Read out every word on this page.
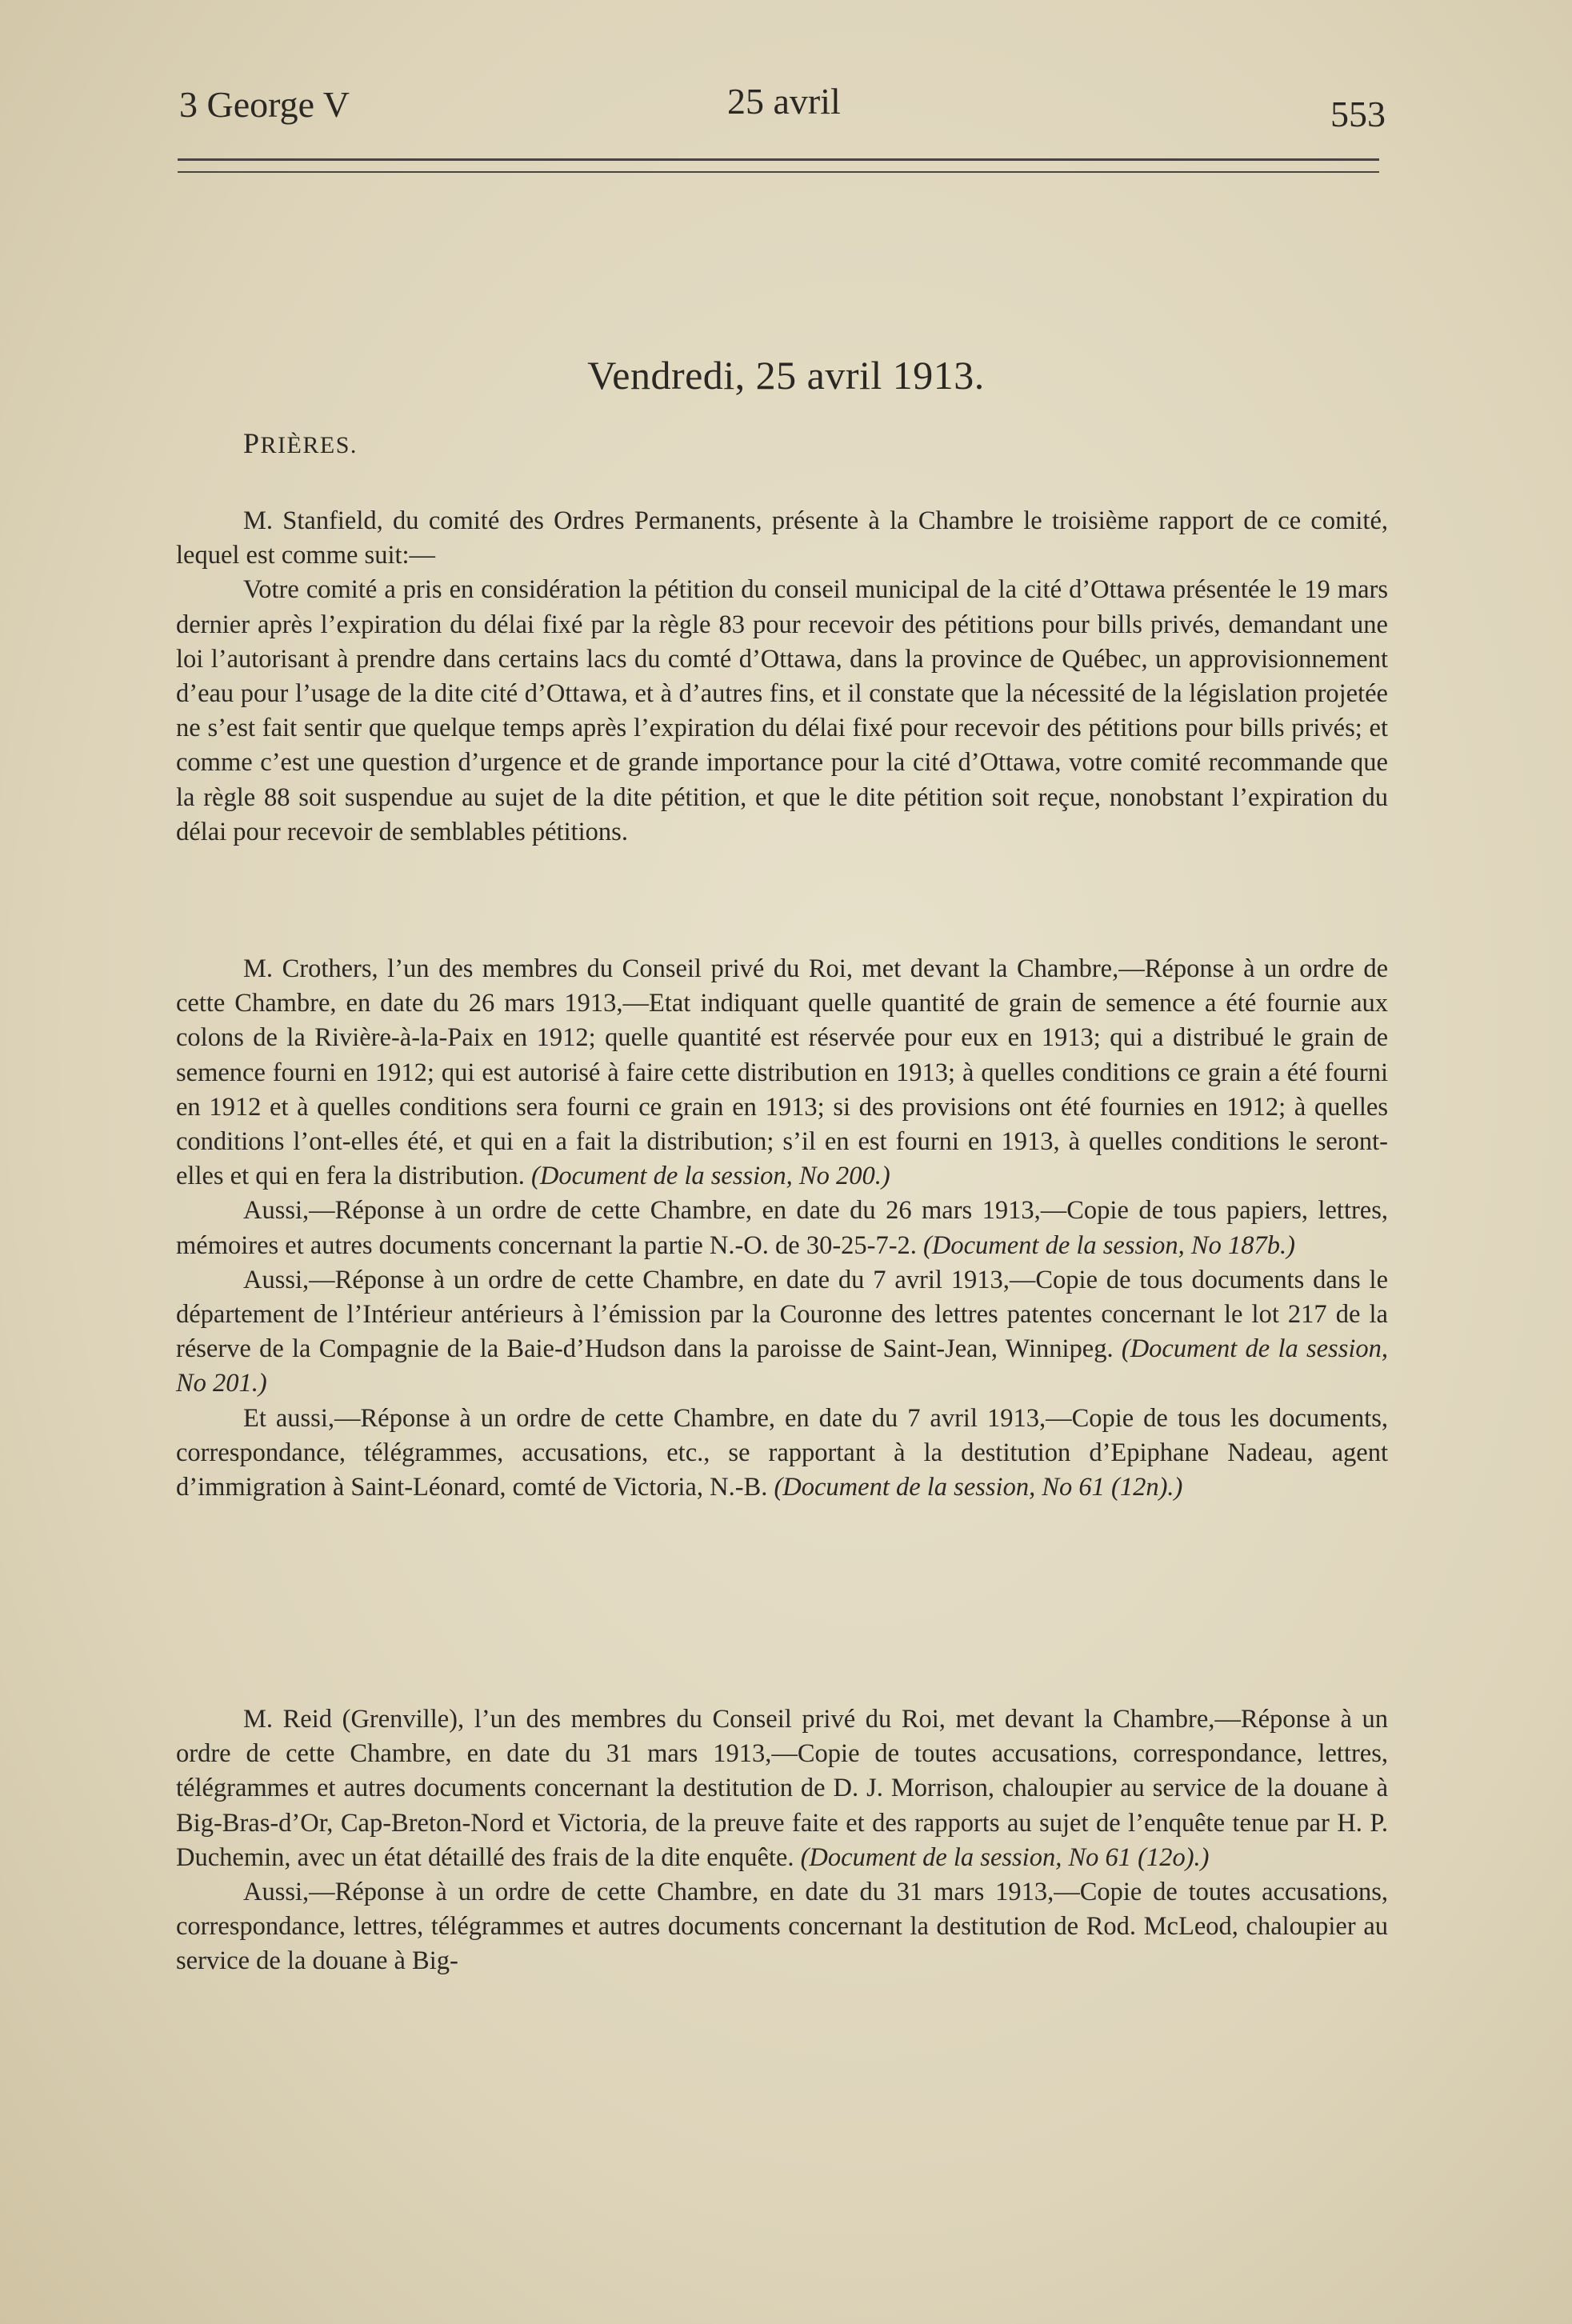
3 George V	25 avril	553
Vendredi, 25 avril 1913.
PRIÈRES.

M. Stanfield, du comité des Ordres Permanents, présente à la Chambre le troisième rapport de ce comité, lequel est comme suit:—

Votre comité a pris en considération la pétition du conseil municipal de la cité d’Ottawa présentée le 19 mars dernier après l’expiration du délai fixé par la règle 83 pour recevoir des pétitions pour bills privés, demandant une loi l’autorisant à prendre dans certains lacs du comté d’Ottawa, dans la province de Québec, un approvisionnement d’eau pour l’usage de la dite cité d’Ottawa, et à d’autres fins, et il constate que la nécessité de la législation projetée ne s’est fait sentir que quelque temps après l’expiration du délai fixé pour recevoir des pétitions pour bills privés; et comme c’est une question d’urgence et de grande importance pour la cité d’Ottawa, votre comité recommande que la règle 88 soit suspendue au sujet de la dite pétition, et que le dite pétition soit reçue, nonobstant l’expiration du délai pour recevoir de semblables pétitions.

M. Crothers, l’un des membres du Conseil privé du Roi, met devant la Chambre,—Réponse à un ordre de cette Chambre, en date du 26 mars 1913,—Etat indiquant quelle quantité de grain de semence a été fournie aux colons de la Rivière-à-la-Paix en 1912; quelle quantité est réservée pour eux en 1913; qui a distribué le grain de semence fourni en 1912; qui est autorisé à faire cette distribution en 1913; à quelles conditions ce grain a été fourni en 1912 et à quelles conditions sera fourni ce grain en 1913; si des provisions ont été fournies en 1912; à quelles conditions l’ont-elles été, et qui en a fait la distribution; s’il en est fourni en 1913, à quelles conditions le seront-elles et qui en fera la distribution. (Document de la session, No 200.)

Aussi,—Réponse à un ordre de cette Chambre, en date du 26 mars 1913,—Copie de tous papiers, lettres, mémoires et autres documents concernant la partie N.-O. de 30-25-7-2. (Document de la session, No 187b.)

Aussi,—Réponse à un ordre de cette Chambre, en date du 7 avril 1913,—Copie de tous documents dans le département de l’Intérieur antérieurs à l’émission par la Couronne des lettres patentes concernant le lot 217 de la réserve de la Compagnie de la Baie-d’Hudson dans la paroisse de Saint-Jean, Winnipeg. (Document de la session, No 201.)

Et aussi,—Réponse à un ordre de cette Chambre, en date du 7 avril 1913,—Copie de tous les documents, correspondance, télégrammes, accusations, etc., se rapportant à la destitution d’Epiphane Nadeau, agent d’immigration à Saint-Léonard, comté de Victoria, N.-B. (Document de la session, No 61 (12n).)

M. Reid (Grenville), l’un des membres du Conseil privé du Roi, met devant la Chambre,—Réponse à un ordre de cette Chambre, en date du 31 mars 1913,—Copie de toutes accusations, correspondance, lettres, télégrammes et autres documents concernant la destitution de D. J. Morrison, chaloupier au service de la douane à Big-Bras-d’Or, Cap-Breton-Nord et Victoria, de la preuve faite et des rapports au sujet de l’enquête tenue par H. P. Duchemin, avec un état détaillé des frais de la dite enquête. (Document de la session, No 61 (12o).)

Aussi,—Réponse à un ordre de cette Chambre, en date du 31 mars 1913,—Copie de toutes accusations, correspondance, lettres, télégrammes et autres documents concernant la destitution de Rod. McLeod, chaloupier au service de la douane à Big-
